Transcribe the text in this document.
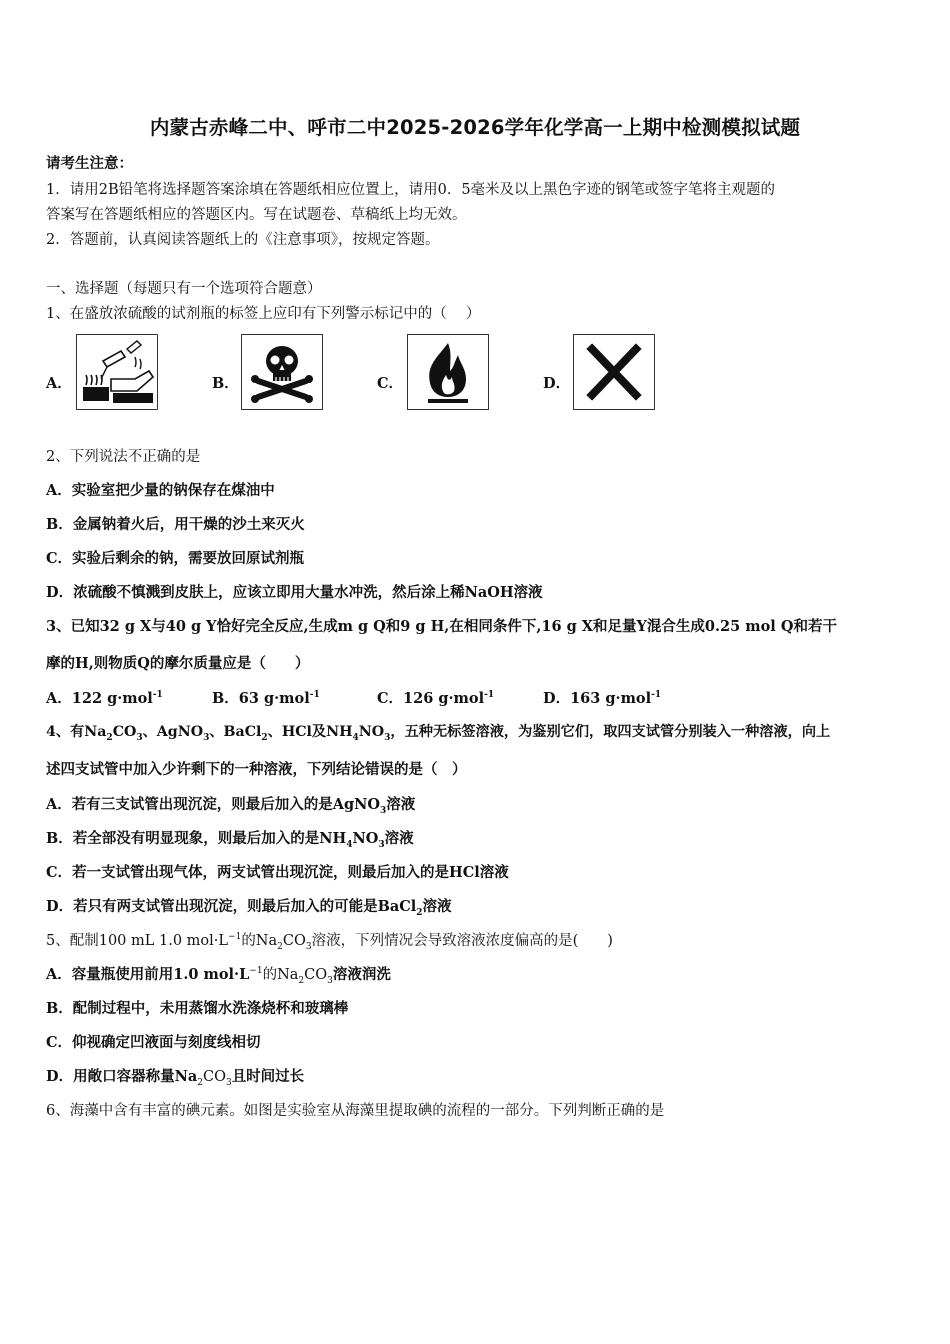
内蒙古赤峰二中、呼市二中2025-2026学年化学高一上期中检测模拟试题
请考生注意：
1．请用2B铅笔将选择题答案涂填在答题纸相应位置上，请用0．5毫米及以上黑色字迹的钢笔或签字笔将主观题的
答案写在答题纸相应的答题区内。写在试题卷、草稿纸上均无效。
2．答题前，认真阅读答题纸上的《注意事项》，按规定答题。
一、选择题（每题只有一个选项符合题意）
1、在盛放浓硫酸的试剂瓶的标签上应印有下列警示标记中的（　 ）
A．	B．	C．	D．
2、下列说法不正确的是
A．实验室把少量的钠保存在煤油中
B．金属钠着火后，用干燥的沙土来灭火
C．实验后剩余的钠，需要放回原试剂瓶
D．浓硫酸不慎溅到皮肤上，应该立即用大量水冲洗，然后涂上稀NaOH溶液
3、已知32 g X与40 g Y恰好完全反应,生成m g Q和9 g H,在相同条件下,16 g X和足量Y混合生成0.25 mol Q和若干
摩的H,则物质Q的摩尔质量应是（　　）
A．122 g·mol$^{-1}$	B．63 g·mol$^{-1}$	C．126 g·mol$^{-1}$	D．163 g·mol$^{-1}$
4、有$Na_2CO_3$、AgNO$_3$、BaCl$_2$、HCl及$NH_4NO_3$，五种无标签溶液，为鉴别它们，取四支试管分别装入一种溶液，向上
述四支试管中加入少许剩下的一种溶液，下列结论错误的是（　）
A．若有三支试管出现沉淀，则最后加入的是AgNO$_3$溶液
B．若全部没有明显现象，则最后加入的是$NH_4NO_3$溶液
C．若一支试管出现气体，两支试管出现沉淀，则最后加入的是HCl溶液
D．若只有两支试管出现沉淀，则最后加入的可能是BaCl$_2$溶液
5、配制100 mL 1.0 $mol\cdot L^{-1}$的$Na_2CO_3$溶液，下列情况会导致溶液浓度偏高的是(　　)
A．容量瓶使用前用1.0 $mol\cdot L^{-1}$的$Na_2CO_3$溶液润洗
B．配制过程中，未用蒸馏水洗涤烧杯和玻璃棒
C．仰视确定凹液面与刻度线相切
D．用敞口容器称量$Na_2CO_3$且时间过长
6、海藻中含有丰富的碘元素。如图是实验室从海藻里提取碘的流程的一部分。下列判断正确的是
